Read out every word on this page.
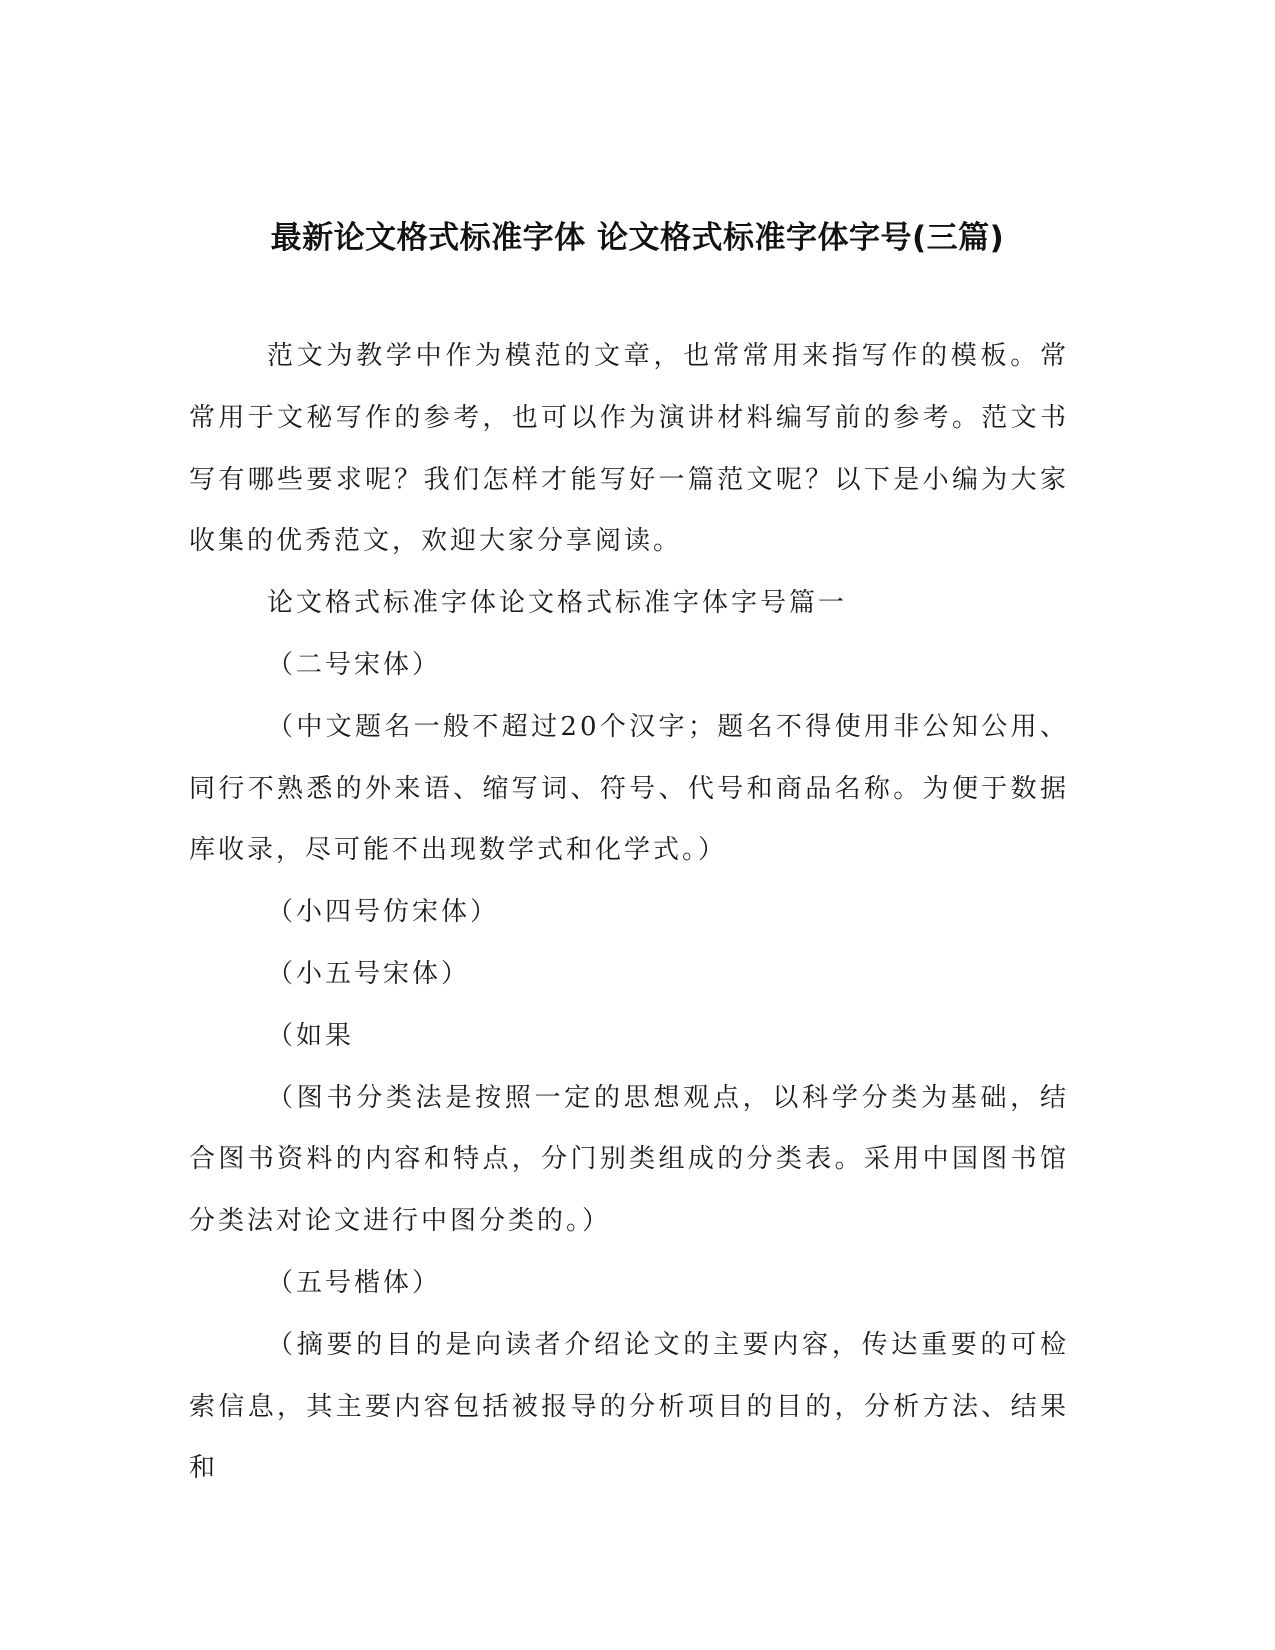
最新论文格式标准字体 论文格式标准字体字号(三篇)

范文为教学中作为模范的文章，也常常用来指写作的模板。常常用于文秘写作的参考，也可以作为演讲材料编写前的参考。范文书写有哪些要求呢？我们怎样才能写好一篇范文呢？以下是小编为大家收集的优秀范文，欢迎大家分享阅读。

论文格式标准字体论文格式标准字体字号篇一

（二号宋体）

（中文题名一般不超过20个汉字；题名不得使用非公知公用、同行不熟悉的外来语、缩写词、符号、代号和商品名称。为便于数据库收录，尽可能不出现数学式和化学式。）

（小四号仿宋体）

（小五号宋体）

（如果

（图书分类法是按照一定的思想观点，以科学分类为基础，结合图书资料的内容和特点，分门别类组成的分类表。采用中国图书馆分类法对论文进行中图分类的。）

（五号楷体）

（摘要的目的是向读者介绍论文的主要内容，传达重要的可检索信息，其主要内容包括被报导的分析项目的目的，分析方法、结果和
